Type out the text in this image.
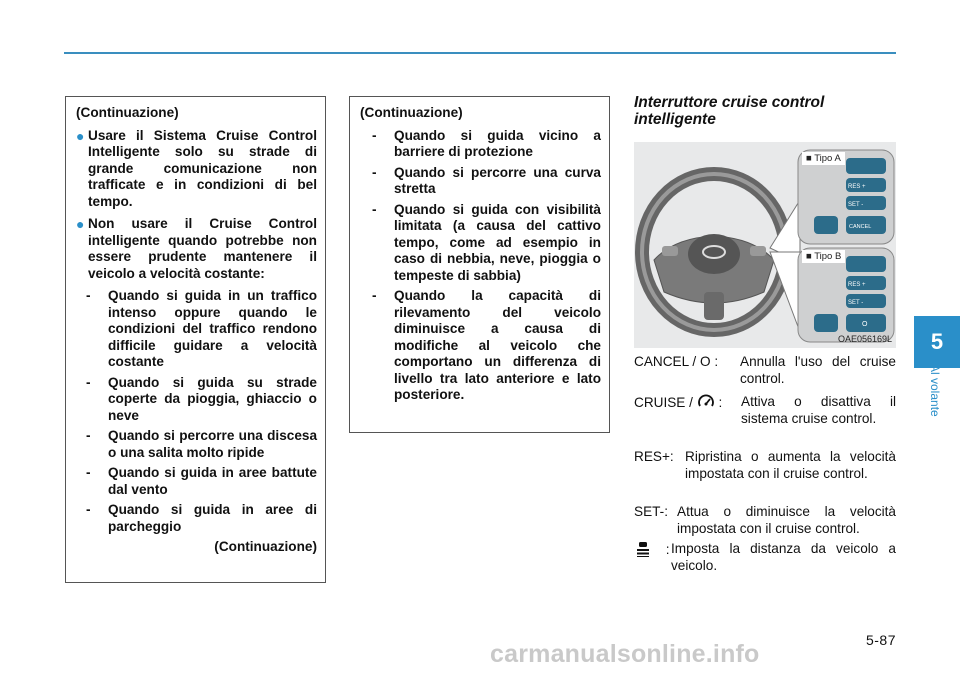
(Continuazione)
● Usare il Sistema Cruise Control Intelligente solo su strade di grande comunicazione non trafficate e in condizioni di bel tempo.
● Non usare il Cruise Control intelligente quando potrebbe non essere prudente mantenere il veicolo a velocità costante:
- Quando si guida in un traffico intenso oppure quando le condizioni del traffico rendono difficile guidare a velocità costante
- Quando si guida su strade coperte da pioggia, ghiaccio o neve
- Quando si percorre una discesa o una salita molto ripide
- Quando si guida in aree battute dal vento
- Quando si guida in aree di parcheggio
(Continuazione)
(Continuazione)
- Quando si guida vicino a barriere di protezione
- Quando si percorre una curva stretta
- Quando si guida con visibilità limitata (a causa del cattivo tempo, come ad esempio in caso di nebbia, neve, pioggia o tempeste di sabbia)
- Quando la capacità di rilevamento del veicolo diminuisce a causa di modifiche al veicolo che comportano un differenza di livello tra lato anteriore e lato posteriore.
Interruttore cruise control intelligente
RES +
SET -
CANCEL
RES +
SET -
O
■ Tipo A
■ Tipo B
OAE056169L
CANCEL / O :	Annulla l'uso del cruise control.
CRUISE / :	Attiva o disattiva il sistema cruise control.
RES+: Ripristina o aumenta la velocità impostata con il cruise control.
SET-: Attua o diminuisce la velocità impostata con il cruise control.
: Imposta la distanza da veicolo a veicolo.
5
Al volante
5-87
carmanualsonline.info
